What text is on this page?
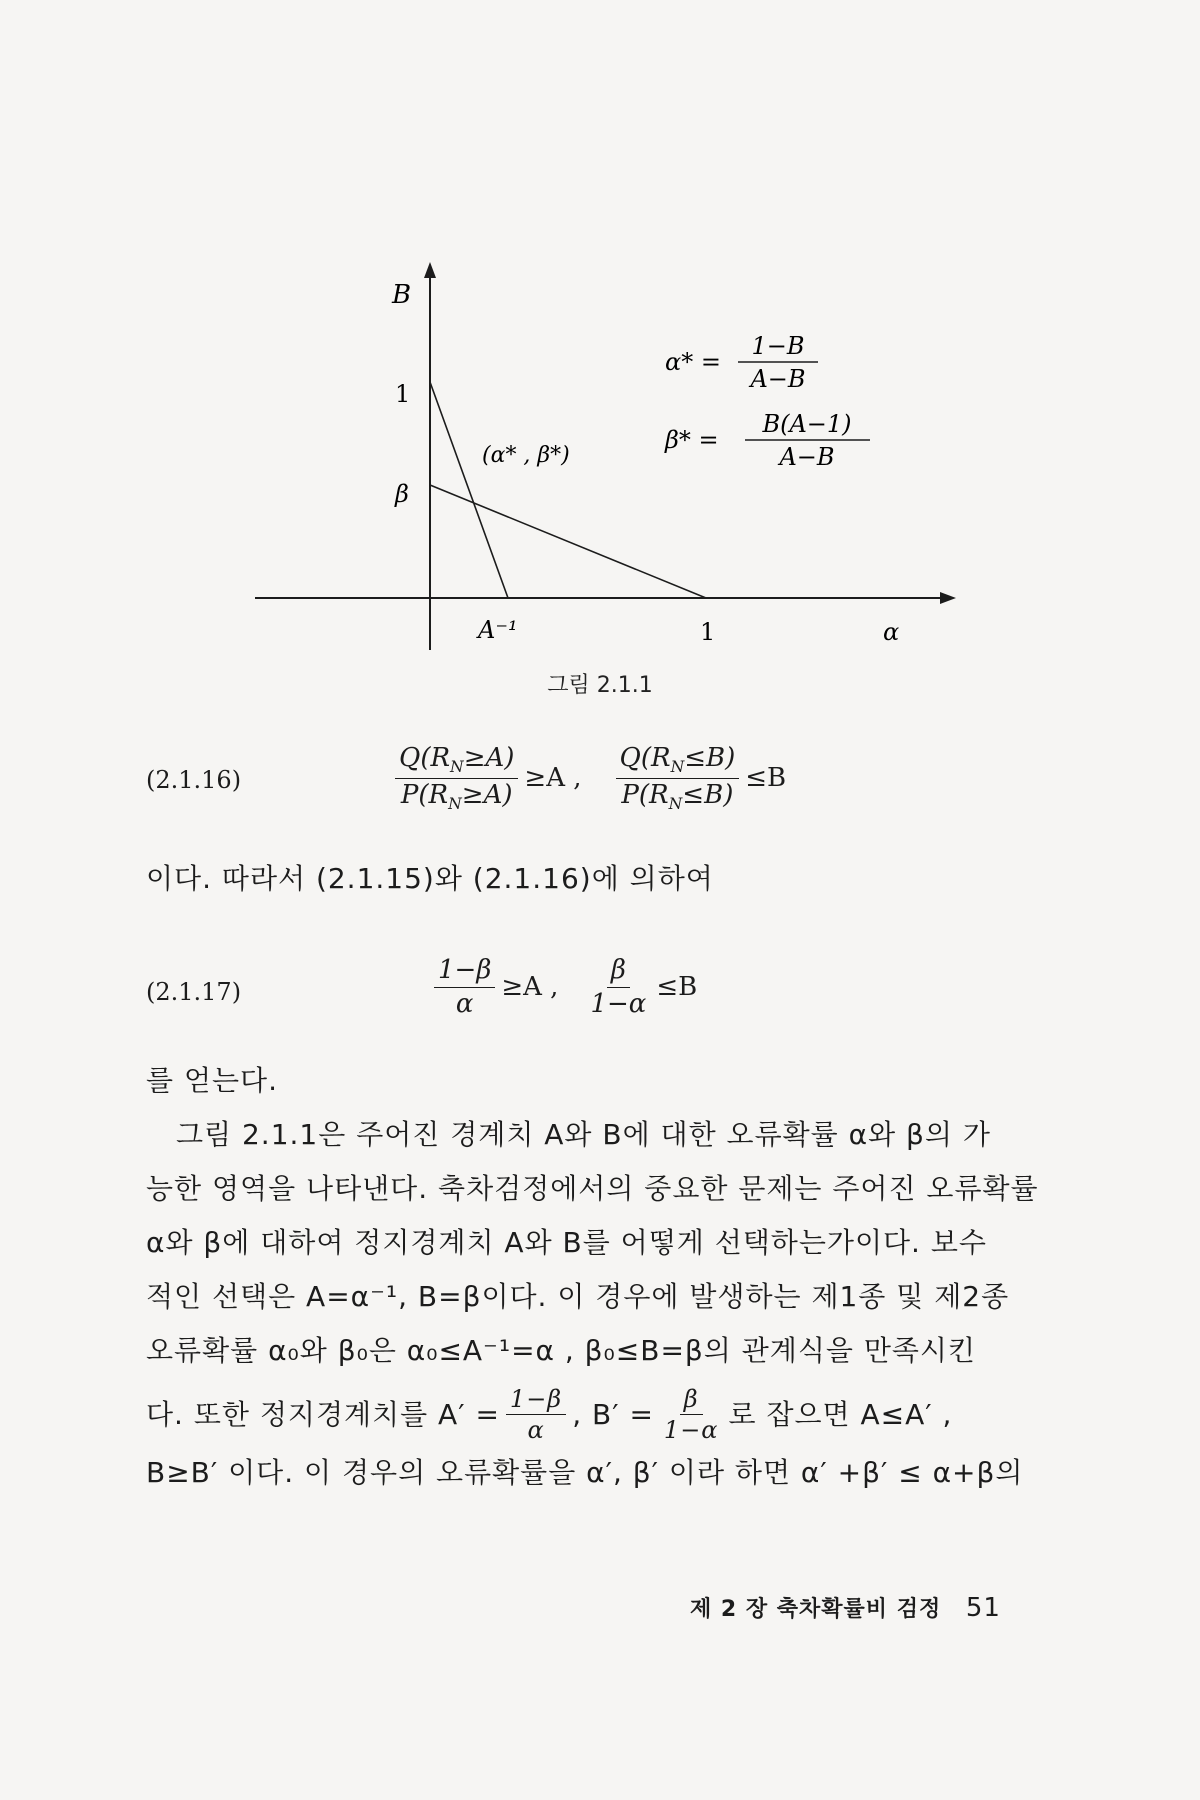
B
1
β
A⁻¹	1	α
(α* , β*)
α* =
1−B
A−B
β* =
B(A−1)
A−B
그림 2.1.1
(2.1.16)	$\frac{Q(R_N\ge A)}{P(R_N\ge A)} \ge A$ , $\frac{Q(R_N\le B)}{P(R_N\le B)} \le B$
이다. 따라서 (2.1.15)와 (2.1.16)에 의하여
(2.1.17)	$\frac{1-\beta}{\alpha} \ge A$ , $\frac{\beta}{1-\alpha} \le B$
를 얻는다.
그림 2.1.1은 주어진 경계치 A와 B에 대한 오류확률 α와 β의 가
능한 영역을 나타낸다. 축차검정에서의 중요한 문제는 주어진 오류확률
α와 β에 대하여 정지경계치 A와 B를 어떻게 선택하는가이다. 보수
적인 선택은 A=α⁻¹, B=β이다. 이 경우에 발생하는 제1종 및 제2종
오류확률 α₀와 β₀은 α₀≤A⁻¹=α , β₀≤B=β의 관계식을 만족시킨
다. 또한 정지경계치를 $A' = \frac{1-\beta}{\alpha}$ , $B' = \frac{\beta}{1-\alpha}$ 로 잡으면 A≤A′ ,
B≥B′ 이다. 이 경우의 오류확률을 α′, β′ 이라 하면 α′ +β′ ≤ α+β의
제 2 장 축차확률비 검정 51
